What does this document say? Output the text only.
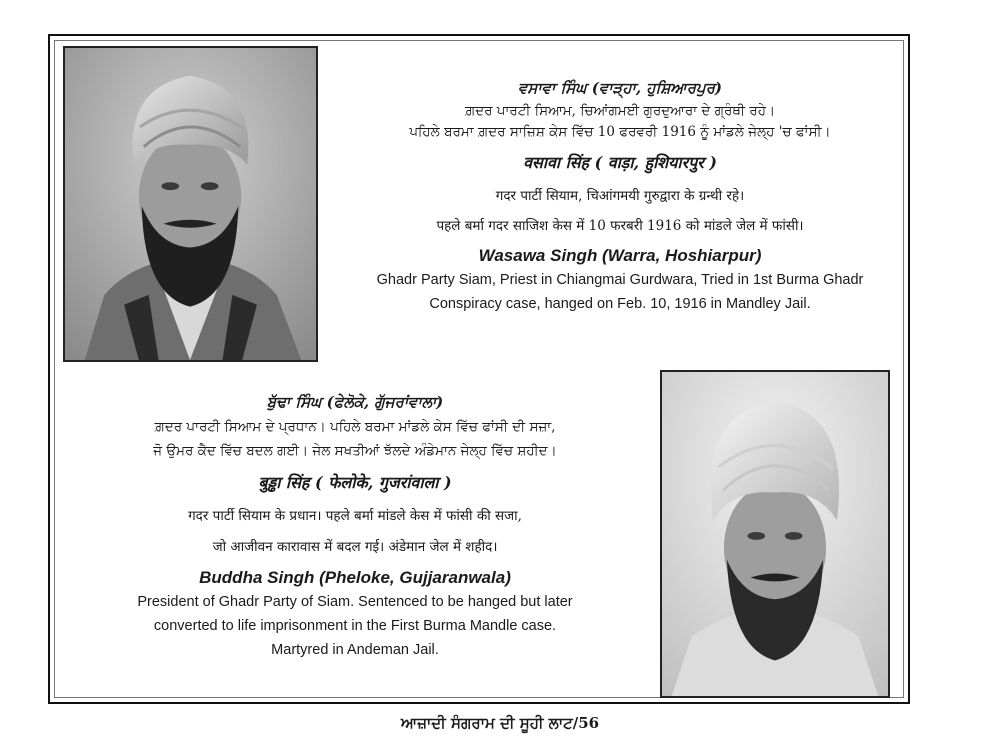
ਵਸਾਵਾ ਸਿੰਘ (ਵਾੜ੍ਹਾ, ਹੁਸ਼ਿਆਰਪੁਰ)
ਗ਼ਦਰ ਪਾਰਟੀ ਸਿਆਮ, ਚਿਆਂਗਮਈ ਗੁਰਦੁਆਰਾ ਦੇ ਗ੍ਰੰਥੀ ਰਹੇ।
ਪਹਿਲੇ ਬਰਮਾ ਗ਼ਦਰ ਸਾਜ਼ਿਸ਼ ਕੇਸ ਵਿੱਚ 10 ਫਰਵਰੀ 1916 ਨੂੰ ਮਾਂਡਲੇ ਜੇਲ੍ਹ 'ਚ ਫਾਂਸੀ।
वसावा सिंह ( वाड़ा, हुशियारपुर )
गदर पार्टी सियाम, चिआंगमयी गुरुद्वारा के ग्रन्थी रहे।
पहले बर्मा गदर साजिश केस में 10 फरबरी 1916 को मांडले जेल में फांसी।
Wasawa Singh (Warra, Hoshiarpur)
Ghadr Party Siam, Priest in Chiangmai Gurdwara, Tried in 1st Burma Ghadr
Conspiracy case, hanged on Feb. 10, 1916 in Mandley Jail.
ਬੁੱਢਾ ਸਿੰਘ (ਫੇਲੋਕੇ, ਗੁੱਜਰਾਂਵਾਲਾ)
ਗ਼ਦਰ ਪਾਰਟੀ ਸਿਆਮ ਦੇ ਪ੍ਰਧਾਨ। ਪਹਿਲੇ ਬਰਮਾ ਮਾਂਡਲੇ ਕੇਸ ਵਿੱਚ ਫਾਂਸੀ ਦੀ ਸਜ਼ਾ,
ਜੋ ਉਮਰ ਕੈਦ ਵਿੱਚ ਬਦਲ ਗਈ। ਜੇਲ ਸਖਤੀਆਂ ਝੱਲਦੇ ਅੰਡੇਮਾਨ ਜੇਲ੍ਹ ਵਿੱਚ ਸ਼ਹੀਦ।
बुड्ढा सिंह ( फेलोके, गुजरांवाला )
गदर पार्टी सियाम के प्रधान। पहले बर्मा मांडले केस में फांसी की सजा,
जो आजीवन कारावास में बदल गई। अंडेमान जेल में शहीद।
Buddha Singh (Pheloke, Gujjaranwala)
President of Ghadr Party of Siam. Sentenced to be hanged but later
converted to life imprisonment in the First Burma Mandle case.
Martyred in Andeman Jail.
ਆਜ਼ਾਦੀ ਸੰਗਰਾਮ ਦੀ ਸੂਹੀ ਲਾਟ/56
